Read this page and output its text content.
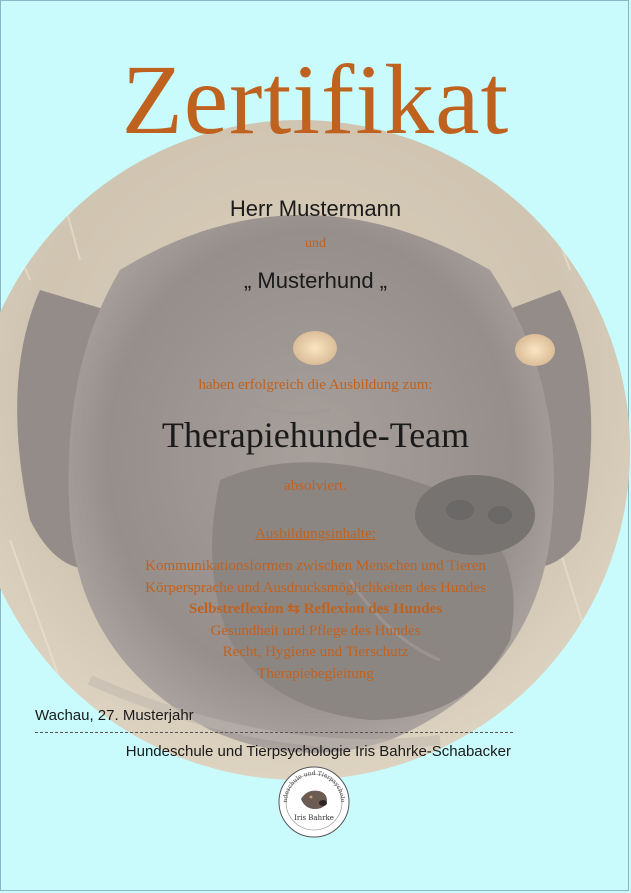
Zertifikat
Herr Mustermann
und
„ Musterhund „
haben erfolgreich die Ausbildung zum:
Therapiehunde-Team
absolviert.
Ausbildungsinhalte:
Kommunikationsformen zwischen Menschen und Tieren
Körpersprache und Ausdrucksmöglichkeiten des Hundes
Selbstreflexion ⇆ Reflexion des Hundes
Gesundheit und Pflege des Hundes
Recht, Hygiene und Tierschutz
Therapiebegleitung
Wachau, 27. Musterjahr
Hundeschule und Tierpsychologie Iris Bahrke-Schabacker
ndeschule und Tierpsycholo
Iris Bahrke
